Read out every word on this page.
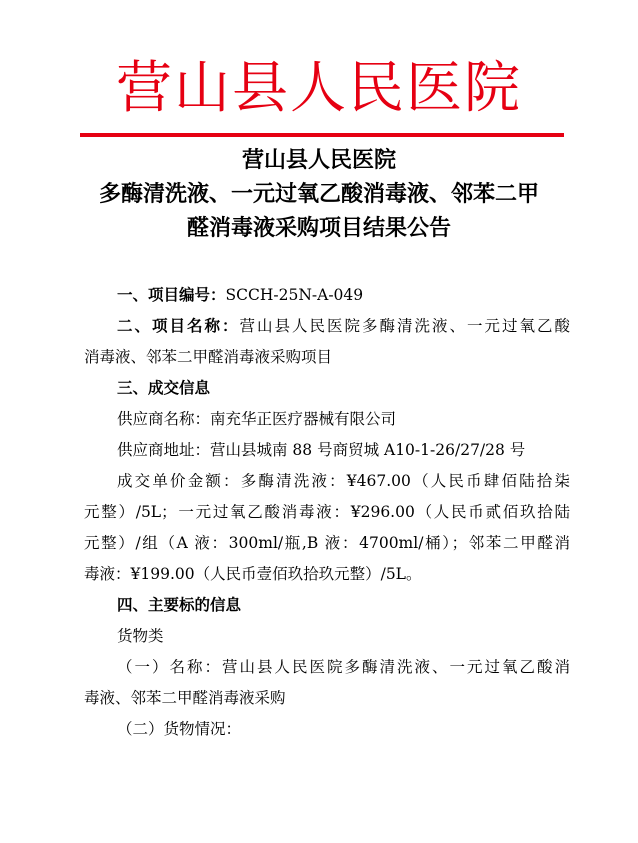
营山县人民医院
营山县人民医院
多酶清洗液、一元过氧乙酸消毒液、邻苯二甲
醛消毒液采购项目结果公告
一、项目编号：SCCH-25N-A-049
二、项目名称：营山县人民医院多酶清洗液、一元过氧乙酸
消毒液、邻苯二甲醛消毒液采购项目
三、成交信息
供应商名称：南充华正医疗器械有限公司
供应商地址：营山县城南 88 号商贸城 A10-1-26/27/28 号
成交单价金额：多酶清洗液：¥467.00（人民币肆佰陆拾柒
元整）/5L；一元过氧乙酸消毒液：¥296.00（人民币贰佰玖拾陆
元整）/组（A 液：300ml/瓶,B 液：4700ml/桶）；邻苯二甲醛消
毒液：¥199.00（人民币壹佰玖拾玖元整）/5L。
四、主要标的信息
货物类
（一）名称：营山县人民医院多酶清洗液、一元过氧乙酸消
毒液、邻苯二甲醛消毒液采购
（二）货物情况：
